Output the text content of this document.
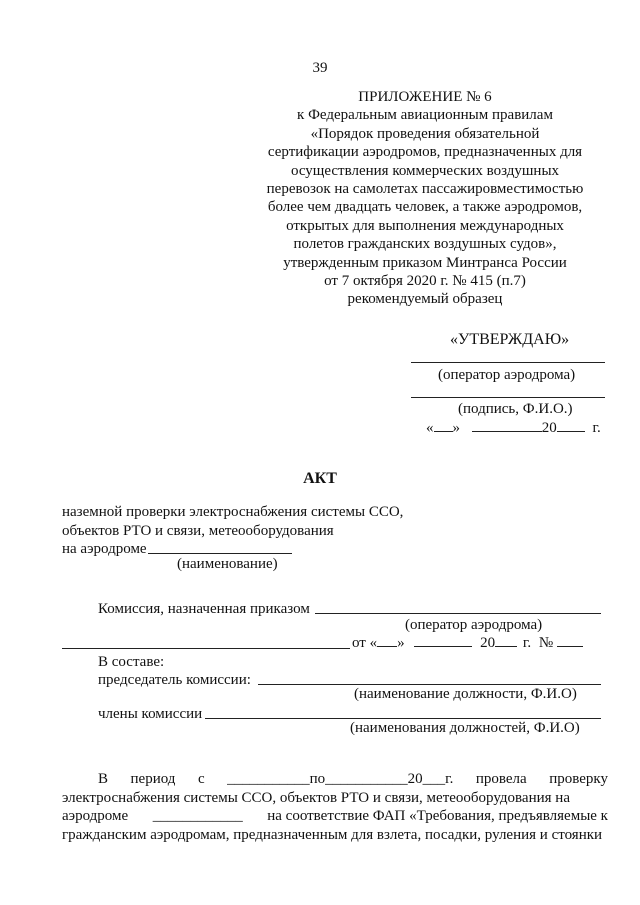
39
ПРИЛОЖЕНИЕ № 6
к Федеральным авиационным правилам
«Порядок проведения обязательной
сертификации аэродромов, предназначенных для
осуществления коммерческих воздушных
перевозок на самолетах пассажировместимостью
более чем двадцать человек, а также аэродромов,
открытых для выполнения международных
полетов гражданских воздушных судов»,
утвержденным приказом Минтранса России
от 7 октября 2020 г. № 415 (п.7)
рекомендуемый образец
«УТВЕРЖДАЮ»
(оператор аэродрома)
(подпись, Ф.И.О.)
« »	20 г.
АКТ
наземной проверки электроснабжения системы ССО,
объектов РТО и связи, метеооборудования
на аэродроме
(наименование)
Комиссия, назначенная приказом
(оператор аэродрома)
от « »	20 г. №
В составе:
председатель комиссии:
(наименование должности, Ф.И.О)
члены комиссии
(наименования должностей, Ф.И.О)
В период с ___________по___________20___г. провела проверку
электроснабжения системы ССО, объектов РТО и связи, метеооборудования на
аэродроме ____________ на соответствие ФАП «Требования, предъявляемые к
гражданским аэродромам, предназначенным для взлета, посадки, руления и стоянки
